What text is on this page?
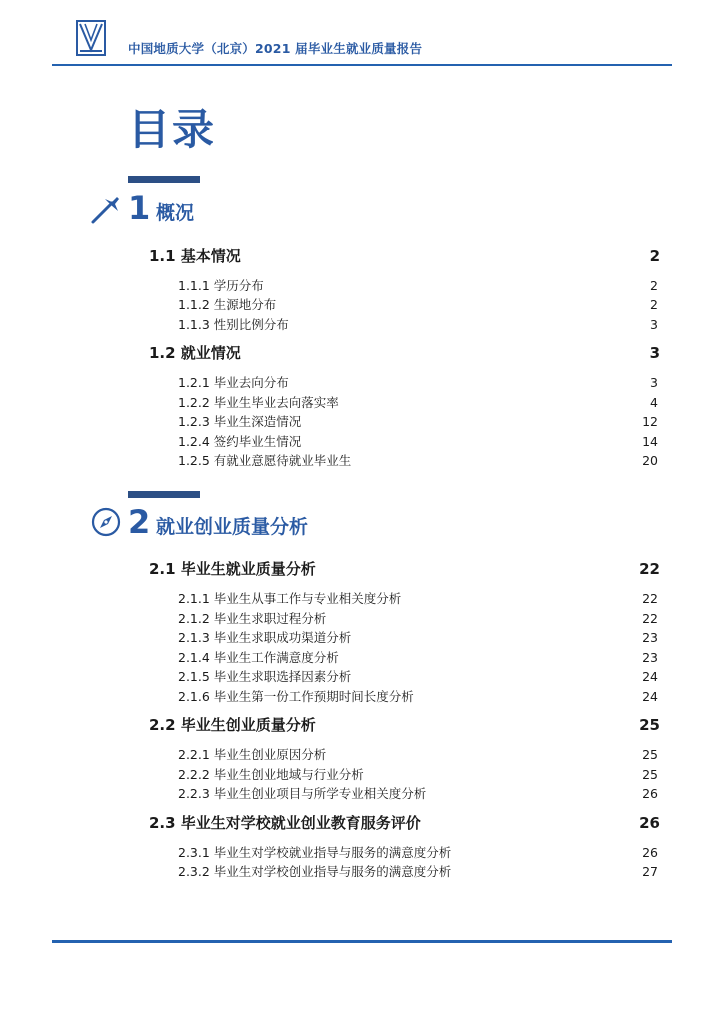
中国地质大学（北京）2021 届毕业生就业质量报告
目录
1 概况
1.1 基本情况	2
1.1.1 学历分布	2
1.1.2 生源地分布	2
1.1.3 性别比例分布	3
1.2 就业情况	3
1.2.1 毕业去向分布	3
1.2.2 毕业生毕业去向落实率	4
1.2.3 毕业生深造情况	12
1.2.4 签约毕业生情况	14
1.2.5 有就业意愿待就业毕业生	20
2 就业创业质量分析
2.1 毕业生就业质量分析	22
2.1.1 毕业生从事工作与专业相关度分析	22
2.1.2 毕业生求职过程分析	22
2.1.3 毕业生求职成功渠道分析	23
2.1.4 毕业生工作满意度分析	23
2.1.5 毕业生求职选择因素分析	24
2.1.6 毕业生第一份工作预期时间长度分析	24
2.2 毕业生创业质量分析	25
2.2.1 毕业生创业原因分析	25
2.2.2 毕业生创业地域与行业分析	25
2.2.3 毕业生创业项目与所学专业相关度分析	26
2.3 毕业生对学校就业创业教育服务评价	26
2.3.1 毕业生对学校就业指导与服务的满意度分析	26
2.3.2 毕业生对学校创业指导与服务的满意度分析	27
